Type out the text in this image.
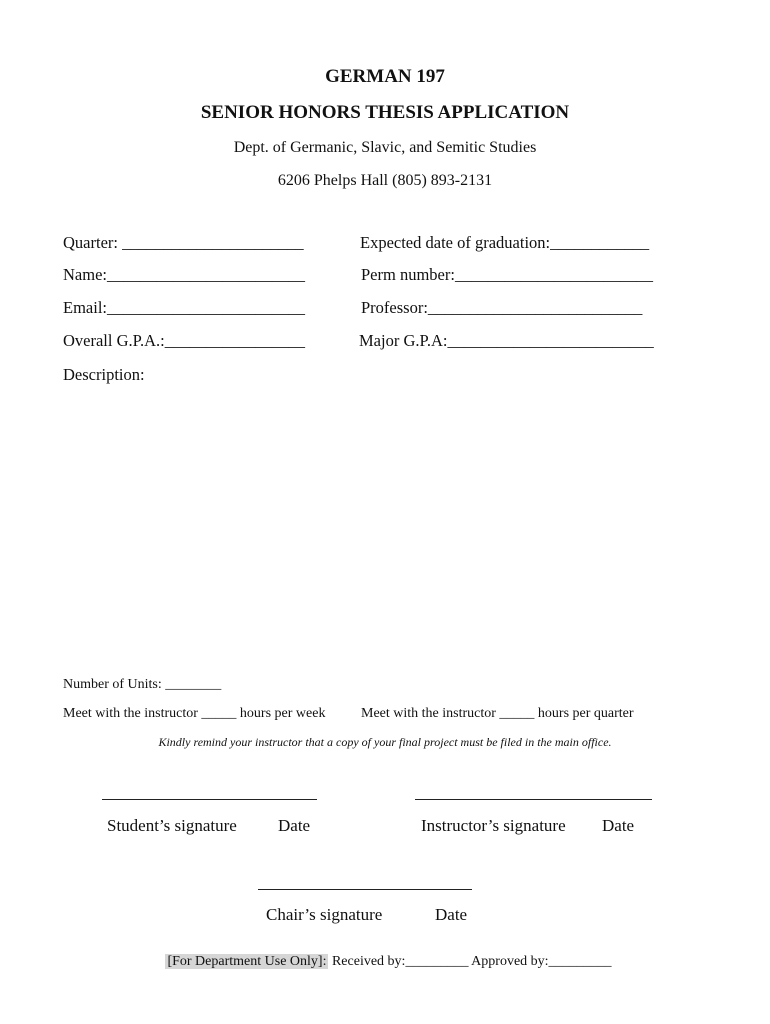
GERMAN 197
SENIOR HONORS THESIS APPLICATION
Dept. of Germanic, Slavic, and Semitic Studies
6206 Phelps Hall (805) 893-2131
Quarter: ______________________	Expected date of graduation:____________
Name:________________________	Perm number:________________________
Email:________________________	Professor:__________________________
Overall G.P.A.:_________________	Major G.P.A:_________________________
Description:
Number of Units: ________
Meet with the instructor _____ hours per week	Meet with the instructor _____ hours per quarter
Kindly remind your instructor that a copy of your final project must be filed in the main office.
Student’s signature Date	Instructor’s signature Date
Chair’s signature	Date

[For Department Use Only]: Received by:_________ Approved by:_________
